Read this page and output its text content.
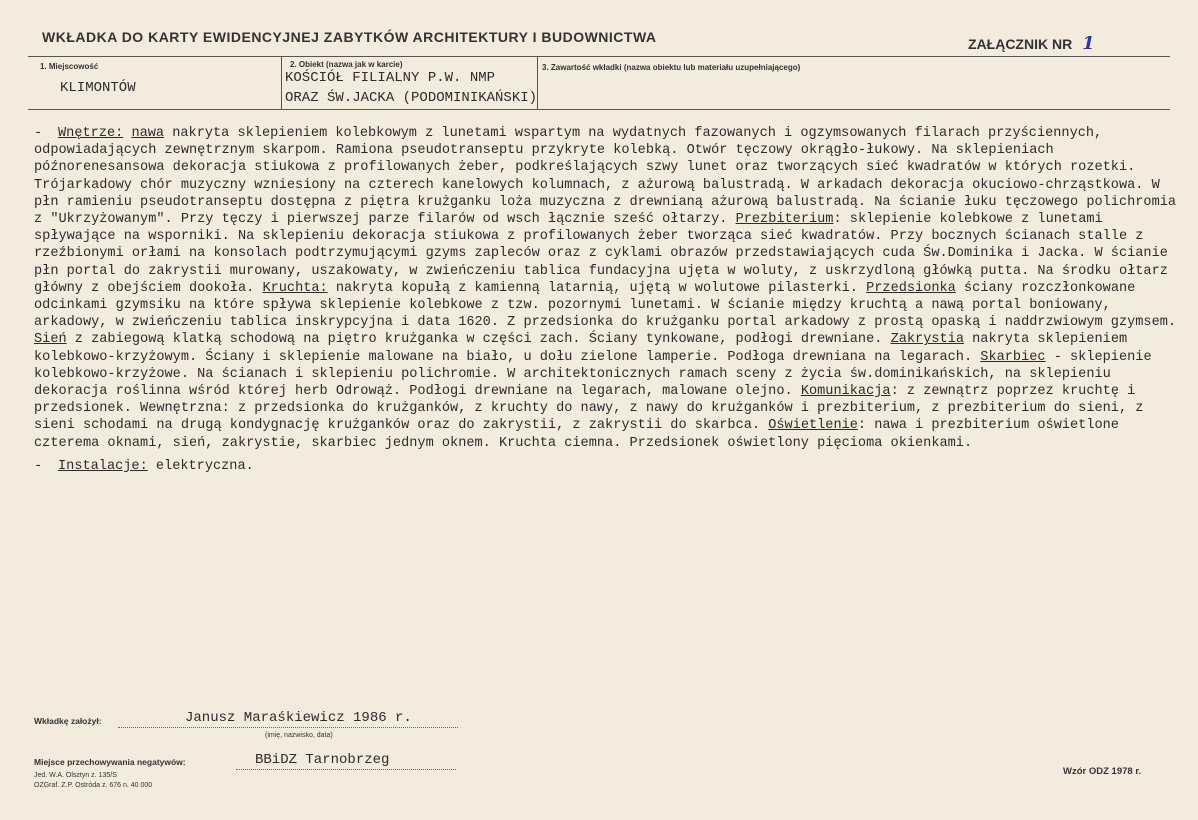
WKŁADKA DO KARTY EWIDENCYJNEJ ZABYTKÓW ARCHITEKTURY I BUDOWNICTWA	ZAŁĄCZNIK NR 1
1. Miejscowość
KLIMONTÓW
2. Obiekt (nazwa jak w karcie)
KOŚCIÓŁ FILIALNY P.W. NMP
ORAZ ŚW.JACKA (PODOMINIKAŃSKI)
3. Zawartość wkładki (nazwa obiektu lub materiału uzupełniającego)

- Wnętrze: nawa nakryta sklepieniem kolebkowym z lunetami wspartym na wydatnych fazowanych i ogzymsowanych filarach przyściennych, odpowiadających zewnętrznym skarpom. Ramiona pseudotranseptu przykryte kolebką. Otwór tęczowy okrągło-łukowy. Na sklepieniach późnorenesansowa dekoracja stiukowa z profilowanych żeber, podkreślających szwy lunet oraz tworzących sieć kwadratów w których rozetki. Trójarkadowy chór muzyczny wzniesiony na czterech kanelowych kolumnach, z ażurową balustradą. W arkadach dekoracja okuciowo-chrząstkowa. W płn ramieniu pseudotranseptu dostępna z piętra krużganku loża muzyczna z drewnianą ażurową balustradą. Na ścianie łuku tęczowego polichromia z "Ukrzyżowanym". Przy tęczy i pierwszej parze filarów od wsch łącznie sześć ołtarzy. Prezbiterium: sklepienie kolebkowe z lunetami spływające na wsporniki. Na sklepieniu dekoracja stiukowa z profilowanych żeber tworząca sieć kwadratów. Przy bocznych ścianach stalle z rzeźbionymi orłami na konsolach podtrzymującymi gzyms zapleców oraz z cyklami obrazów przedstawiających cuda Św.Dominika i Jacka. W ścianie płn portal do zakrystii murowany, uszakowaty, w zwieńczeniu tablica fundacyjna ujęta w woluty, z uskrzydloną główką putta. Na środku ołtarz główny z obejściem dookoła. Kruchta: nakryta kopułą z kamienną latarnią, ujętą w wolutowe pilasterki. Przedsionka ściany rozczłonkowane odcinkami gzymsiku na które spływa sklepienie kolebkowe z tzw. pozornymi lunetami. W ścianie między kruchtą a nawą portal boniowany, arkadowy, w zwieńczeniu tablica inskrypcyjna i data 1620. Z przedsionka do krużganku portal arkadowy z prostą opaską i naddrzwiowym gzymsem. Sień z zabiegową klatką schodową na piętro krużganka w części zach. Ściany tynkowane, podłogi drewniane. Zakrystia nakryta sklepieniem kolebkowo-krzyżowym. Ściany i sklepienie malowane na biało, u dołu zielone lamperie. Podłoga drewniana na legarach. Skarbiec - sklepienie kolebkowo-krzyżowe. Na ścianach i sklepieniu polichromie. W architektonicznych ramach sceny z życia św.dominikańskich, na sklepieniu dekoracja roślinna wśród której herb Odrowąż. Podłogi drewniane na legarach, malowane olejno. Komunikacja: z zewnątrz poprzez kruchtę i przedsionek. Wewnętrzna: z przedsionka do krużganków, z kruchty do nawy, z nawy do krużganków i prezbiterium, z prezbiterium do sieni, z sieni schodami na drugą kondygnację krużganków oraz do zakrystii, z zakrystii do skarbca. Oświetlenie: nawa i prezbiterium oświetlone czterema oknami, sień, zakrystie, skarbiec jednym oknem. Kruchta ciemna. Przedsionek oświetlony pięcioma okienkami.

- Instalacje: elektryczna.

Wkładkę założył:	Janusz Maraśkiewicz 1986 r.
(imię, nazwisko, data)
Miejsce przechowywania negatywów:	BBiDZ Tarnobrzeg
Jed. W.A. Olsztyn z. 135/S
OZGraf. Z.P. Ostróda z. 676 n. 40 000
Wzór ODZ 1978 r.
